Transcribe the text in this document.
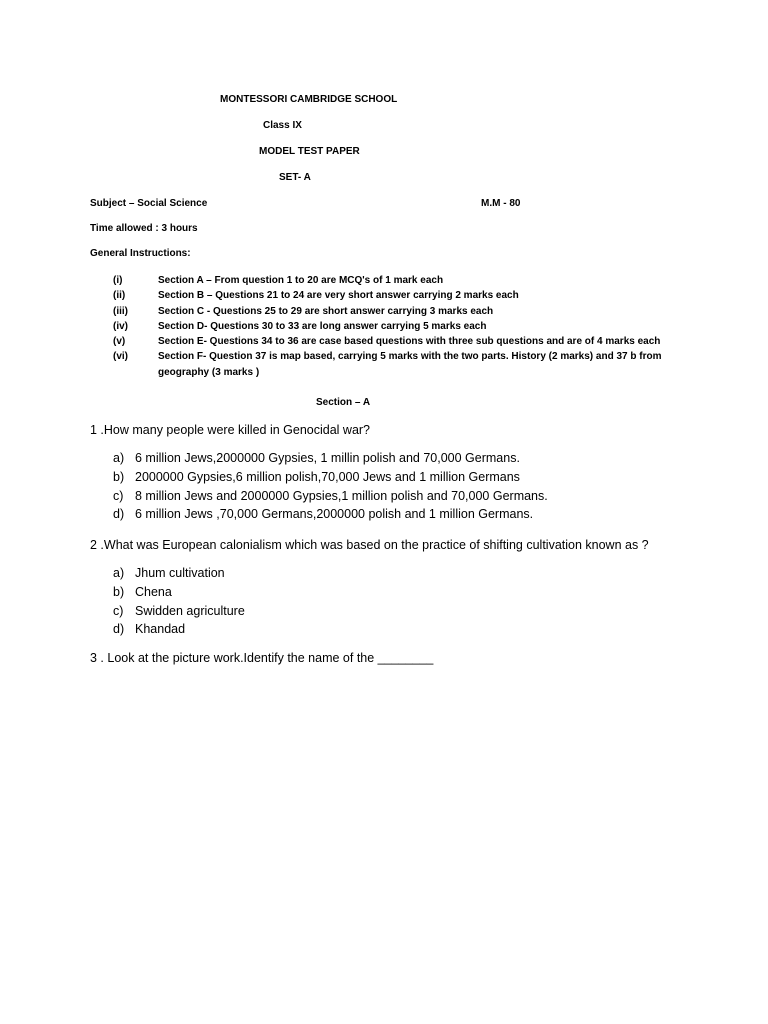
MONTESSORI CAMBRIDGE SCHOOL
Class IX
MODEL TEST PAPER
SET- A
Subject – Social Science	M.M - 80
Time allowed : 3 hours
General Instructions:
(i)	Section A – From question 1 to 20 are MCQ's of 1 mark each
(ii)	Section B – Questions 21 to 24 are very short answer carrying 2 marks each
(iii)	Section C - Questions 25 to 29 are short answer carrying 3 marks each
(iv)	Section D- Questions 30 to 33 are long answer carrying 5 marks each
(v)	Section E- Questions 34 to 36 are case based questions with three sub questions and are of 4 marks each
(vi)	Section F- Question 37 is map based, carrying 5 marks with the two parts. History (2 marks) and 37 b from geography (3 marks )
Section – A
1 .How many people were killed in Genocidal war?
a) 6 million Jews,2000000 Gypsies, 1 millin polish and 70,000 Germans.
b) 2000000 Gypsies,6 million polish,70,000 Jews and 1 million Germans
c) 8 million Jews and 2000000 Gypsies,1 million polish and 70,000 Germans.
d) 6 million Jews ,70,000 Germans,2000000 polish and 1 million Germans.
2 .What was European calonialism which was based on the practice of shifting cultivation known as ?
a) Jhum cultivation
b) Chena
c) Swidden agriculture
d) Khandad
3 . Look at the picture work.Identify the name of the ________
